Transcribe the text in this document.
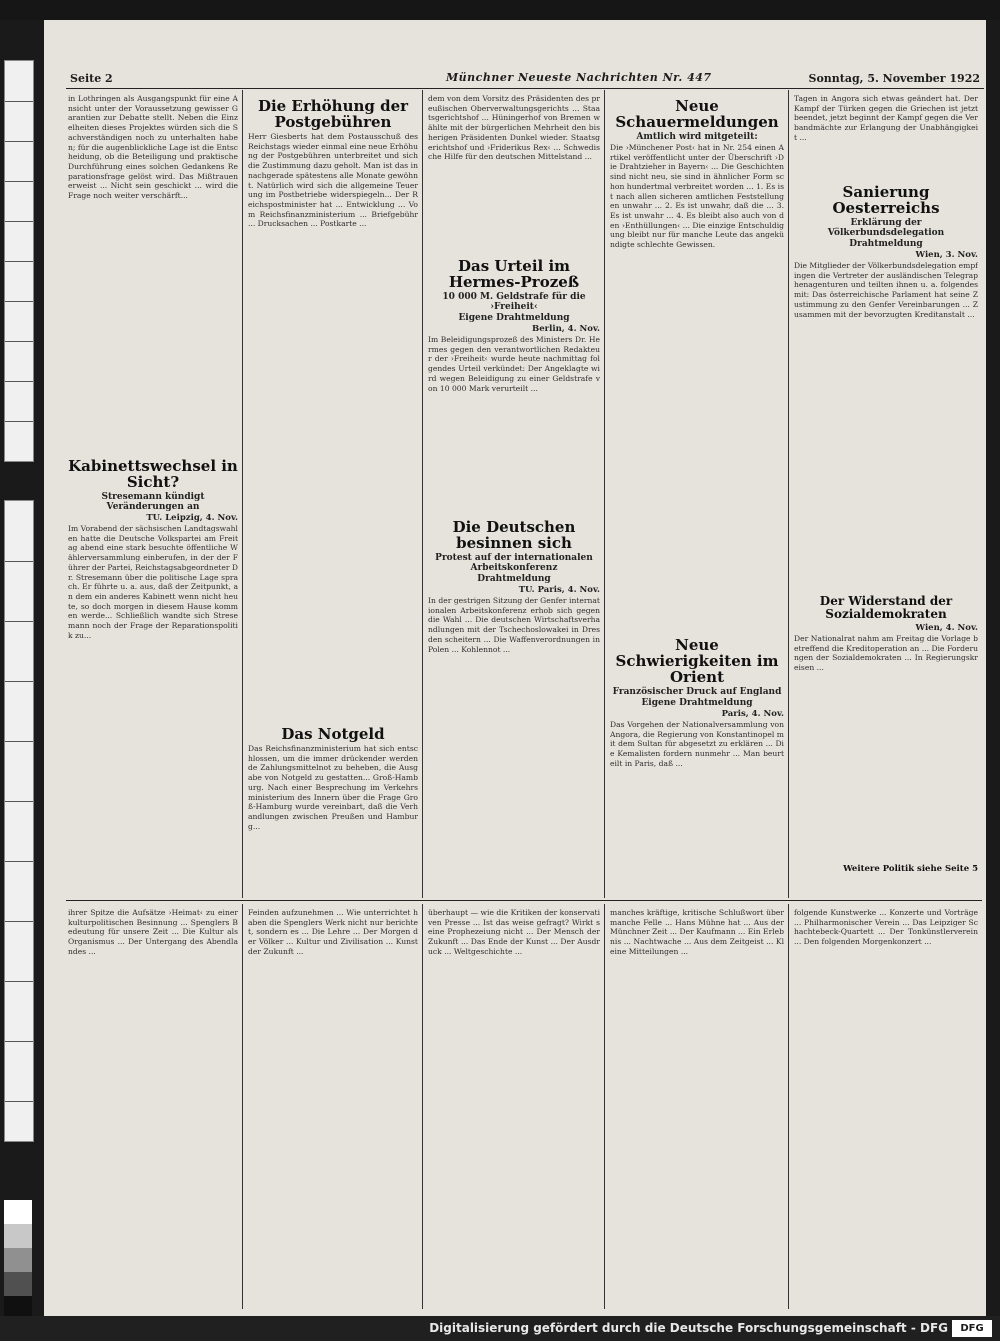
Seite 2	Münchner Neueste Nachrichten Nr. 447	Sonntag, 5. November 1922

in Lothringen als Ausgangspunkt für eine Ansicht unter der Voraussetzung gewisser Garantien zur Debatte stellt. Neben die Einzelheiten dieses Projektes würden sich die Sachverständigen noch zu unterhalten haben; für die augenblickliche Lage ist die Entscheidung, ob die Beteiligung und praktische Durchführung eines solchen Gedankens Reparationsfrage gelöst wird. Das Mißtrauen erweist ... Nicht sein geschickt ... wird die Frage noch weiter verschärft...

Kabinettswechsel in Sicht?
Stresemann kündigt Veränderungen an
TU. Leipzig, 4. Nov.

Im Vorabend der sächsischen Landtagswahlen hatte die Deutsche Volkspartei am Freitag abend eine stark besuchte öffentliche Wählerversammlung einberufen, in der der Führer der Partei, Reichstagsabgeordneter Dr. Stresemann über die politische Lage sprach. Er führte u. a. aus, daß der Zeitpunkt, an dem ein anderes Kabinett wenn nicht heute, so doch morgen in diesem Hause kommen werde... Schließlich wandte sich Stresemann noch der Frage der Reparationspolitik zu...

Die Erhöhung der Postgebühren

Herr Giesberts hat dem Postausschuß des Reichstags wieder einmal eine neue Erhöhung der Postgebühren unterbreitet und sich die Zustimmung dazu geholt. Man ist das in nachgerade spätestens alle Monate gewöhnt. Natürlich wird sich die allgemeine Teuerung im Postbetriebe widerspiegeln... Der Reichspostminister hat ... Entwicklung ... Vom Reichsfinanzministerium ... Briefgebühr ... Drucksachen ... Postkarte ...

Das Notgeld

Das Reichsfinanzministerium hat sich entschlossen, um die immer drückender werdende Zahlungsmittelnot zu beheben, die Ausgabe von Notgeld zu gestatten... Groß-Hamburg. Nach einer Besprechung im Verkehrsministerium des Innern über die Frage Groß-Hamburg wurde vereinbart, daß die Verhandlungen zwischen Preußen und Hamburg...

dem von dem Vorsitz des Präsidenten des preußischen Oberverwaltungsgerichts ... Staatsgerichtshof ... Hüningerhof von Bremen wählte mit der bürgerlichen Mehrheit den bisherigen Präsidenten Dunkel wieder. Staatsgerichtshof und ›Friderikus Rex‹ ... Schwedische Hilfe für den deutschen Mittelstand ...

Das Urteil im Hermes-Prozeß
10 000 M. Geldstrafe für die ›Freiheit‹
Eigene Drahtmeldung
Berlin, 4. Nov.

Im Beleidigungsprozeß des Ministers Dr. Hermes gegen den verantwortlichen Redakteur der ›Freiheit‹ wurde heute nachmittag folgendes Urteil verkündet: Der Angeklagte wird wegen Beleidigung zu einer Geldstrafe von 10 000 Mark verurteilt ...

Die Deutschen besinnen sich
Protest auf der internationalen Arbeitskonferenz
Drahtmeldung
TU. Paris, 4. Nov.

In der gestrigen Sitzung der Genfer internationalen Arbeitskonferenz erhob sich gegen die Wahl ... Die deutschen Wirtschaftsverhandlungen mit der Tschechoslowakei in Dresden scheitern ... Die Waffenverordnungen in Polen ... Kohlennot ...

Neue Schauermeldungen
Amtlich wird mitgeteilt:

Die ›Münchener Post‹ hat in Nr. 254 einen Artikel veröffentlicht unter der Überschrift ›Die Drahtzieher in Bayern‹ ... Die Geschichten sind nicht neu, sie sind in ähnlicher Form schon hundertmal verbreitet worden ... 1. Es ist nach allen sicheren amtlichen Feststellungen unwahr ... 2. Es ist unwahr, daß die ... 3. Es ist unwahr ... 4. Es bleibt also auch von den ›Enthüllungen‹ ... Die einzige Entschuldigung bleibt nur für manche Leute das angekündigte schlechte Gewissen.

Neue Schwierigkeiten im Orient
Französischer Druck auf England
Eigene Drahtmeldung
Paris, 4. Nov.

Das Vorgehen der Nationalversammlung von Angora, die Regierung von Konstantinopel mit dem Sultan für abgesetzt zu erklären ... Die Kemalisten fordern nunmehr ... Man beurteilt in Paris, daß ...

Tagen in Angora sich etwas geändert hat. Der Kampf der Türken gegen die Griechen ist jetzt beendet, jetzt beginnt der Kampf gegen die Verbandmächte zur Erlangung der Unabhängigkeit ...

Sanierung Oesterreichs
Erklärung der Völkerbundsdelegation
Drahtmeldung
Wien, 3. Nov.

Die Mitglieder der Völkerbundsdelegation empfingen die Vertreter der ausländischen Telegraphenagenturen und teilten ihnen u. a. folgendes mit: Das österreichische Parlament hat seine Zustimmung zu den Genfer Vereinbarungen ... Zusammen mit der bevorzugten Kreditanstalt ...

Der Widerstand der Sozialdemokraten
Wien, 4. Nov.

Der Nationalrat nahm am Freitag die Vorlage betreffend die Kreditoperation an ... Die Forderungen der Sozialdemokraten ... In Regierungskreisen ...

Weitere Politik siehe Seite 5

ihrer Spitze die Aufsätze ›Heimat‹ zu einer kulturpolitischen Besinnung ... Spenglers Bedeutung für unsere Zeit ... Die Kultur als Organismus ... Der Untergang des Abendlandes ...

Feinden aufzunehmen ... Wie unterrichtet haben die Spenglers Werk nicht nur berichtet, sondern es ... Die Lehre ... Der Morgen der Völker ... Kultur und Zivilisation ... Kunst der Zukunft ...

überhaupt — wie die Kritiken der konservativen Presse ... Ist das weise gefragt? Wirkt seine Prophezeiung nicht ... Der Mensch der Zukunft ... Das Ende der Kunst ... Der Ausdruck ... Weltgeschichte ...

manches kräftige, kritische Schlußwort über manche Felle ... Hans Mühne hat ... Aus der Münchner Zeit ... Der Kaufmann ... Ein Erlebnis ... Nachtwache ... Aus dem Zeitgeist ... Kleine Mitteilungen ...

folgende Kunstwerke ... Konzerte und Vorträge ... Philharmonischer Verein ... Das Leipziger Schachtebeck-Quartett ... Der Tonkünstlerverein ... Den folgenden Morgenkonzert ...

Digitalisierung gefördert durch die Deutsche Forschungsgemeinschaft - DFG	DFG
